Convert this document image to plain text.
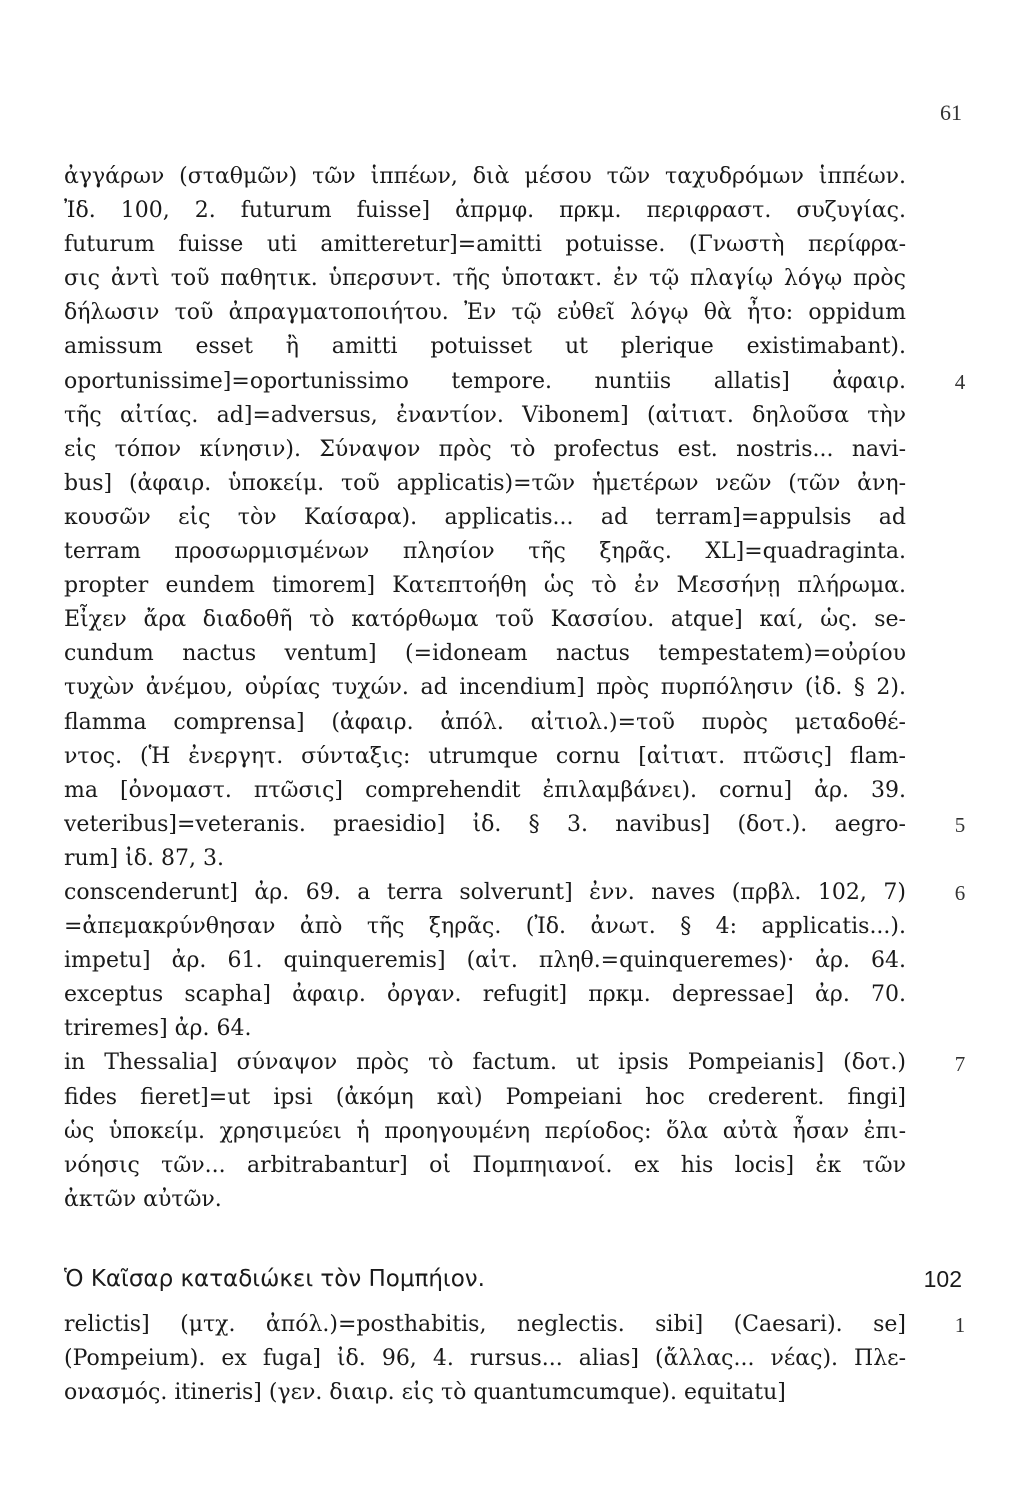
61
ἀγγάρων (σταθμῶν) τῶν ἱππέων, διὰ μέσου τῶν ταχυδρόμων ἱππέων.
Ἰδ. 100, 2. futurum fuisse] ἀπρμφ. πρκμ. περιφραστ. συζυγίας.
futurum fuisse uti amitteretur]=amitti potuisse. (Γνωστὴ περίφρα-
σις ἀντὶ τοῦ παθητικ. ὑπερσυντ. τῆς ὑποτακτ. ἐν τῷ πλαγίῳ λόγῳ πρὸς
δήλωσιν τοῦ ἀπραγματοποιήτου. Ἐν τῷ εὐθεῖ λόγῳ θὰ ἦτο: oppidum
amissum esset ἢ amitti potuisset ut plerique existimabant).
oportunissime]=oportunissimo tempore. nuntiis allatis] ἀφαιρ.	4
τῆς αἰτίας. ad]=adversus, ἐναντίον. Vibonem] (αἰτιατ. δηλοῦσα τὴν
εἰς τόπον κίνησιν). Σύναψον πρὸς τὸ profectus est. nostris... navi-
bus] (ἀφαιρ. ὑποκείμ. τοῦ applicatis)=τῶν ἡμετέρων νεῶν (τῶν ἀνη-
κουσῶν εἰς τὸν Καίσαρα). applicatis... ad terram]=appulsis ad
terram προσωρμισμένων πλησίον τῆς ξηρᾶς. XL]=quadraginta.
propter eundem timorem] Κατεπτοήθη ὡς τὸ ἐν Μεσσήνῃ πλήρωμα.
Εἶχεν ἄρα διαδοθῆ τὸ κατόρθωμα τοῦ Κασσίου. atque] καί, ὡς. se-
cundum nactus ventum] (=idoneam nactus tempestatem)=οὐρίου
τυχὼν ἀνέμου, οὐρίας τυχών. ad incendium] πρὸς πυρπόλησιν (ἰδ. § 2).
flamma comprensa] (ἀφαιρ. ἀπόλ. αἰτιολ.)=τοῦ πυρὸς μεταδοθέ-
ντος. (Ἡ ἐνεργητ. σύνταξις: utrumque cornu [αἰτιατ. πτῶσις] flam-
ma [ὀνομαστ. πτῶσις] comprehendit ἐπιλαμβάνει). cornu] ἀρ. 39.
veteribus]=veteranis. praesidio] ἰδ. § 3. navibus] (δοτ.). aegro-	5
rum] ἰδ. 87, 3.
conscenderunt] ἀρ. 69. a terra solverunt] ἐνν. naves (πρβλ. 102, 7)	6
=ἀπεμακρύνθησαν ἀπὸ τῆς ξηρᾶς. (Ἰδ. ἀνωτ. § 4: applicatis...).
impetu] ἀρ. 61. quinqueremis] (αἰτ. πληθ.=quinqueremes)· ἀρ. 64.
exceptus scapha] ἀφαιρ. ὀργαν. refugit] πρκμ. depressae] ἀρ. 70.
triremes] ἀρ. 64.
in Thessalia] σύναψον πρὸς τὸ factum. ut ipsis Pompeianis] (δοτ.)	7
fides fieret]=ut ipsi (ἀκόμη καὶ) Pompeiani hoc crederent. fingi]
ὡς ὑποκείμ. χρησιμεύει ἡ προηγουμένη περίοδος: ὅλα αὐτὰ ἦσαν ἐπι-
νόησις τῶν... arbitrabantur] οἱ Πομπηιανοί. ex his locis] ἐκ τῶν
ἀκτῶν αὐτῶν.
Ὁ Καῖσαρ καταδιώκει τὸν Πομπήιον.	102
relictis] (μτχ. ἀπόλ.)=posthabitis, neglectis. sibi] (Caesari). se]	1
(Pompeium). ex fuga] ἰδ. 96, 4. rursus... alias] (ἄλλας... νέας). Πλε-
ονασμός. itineris] (γεν. διαιρ. εἰς τὸ quantumcumque). equitatu]
